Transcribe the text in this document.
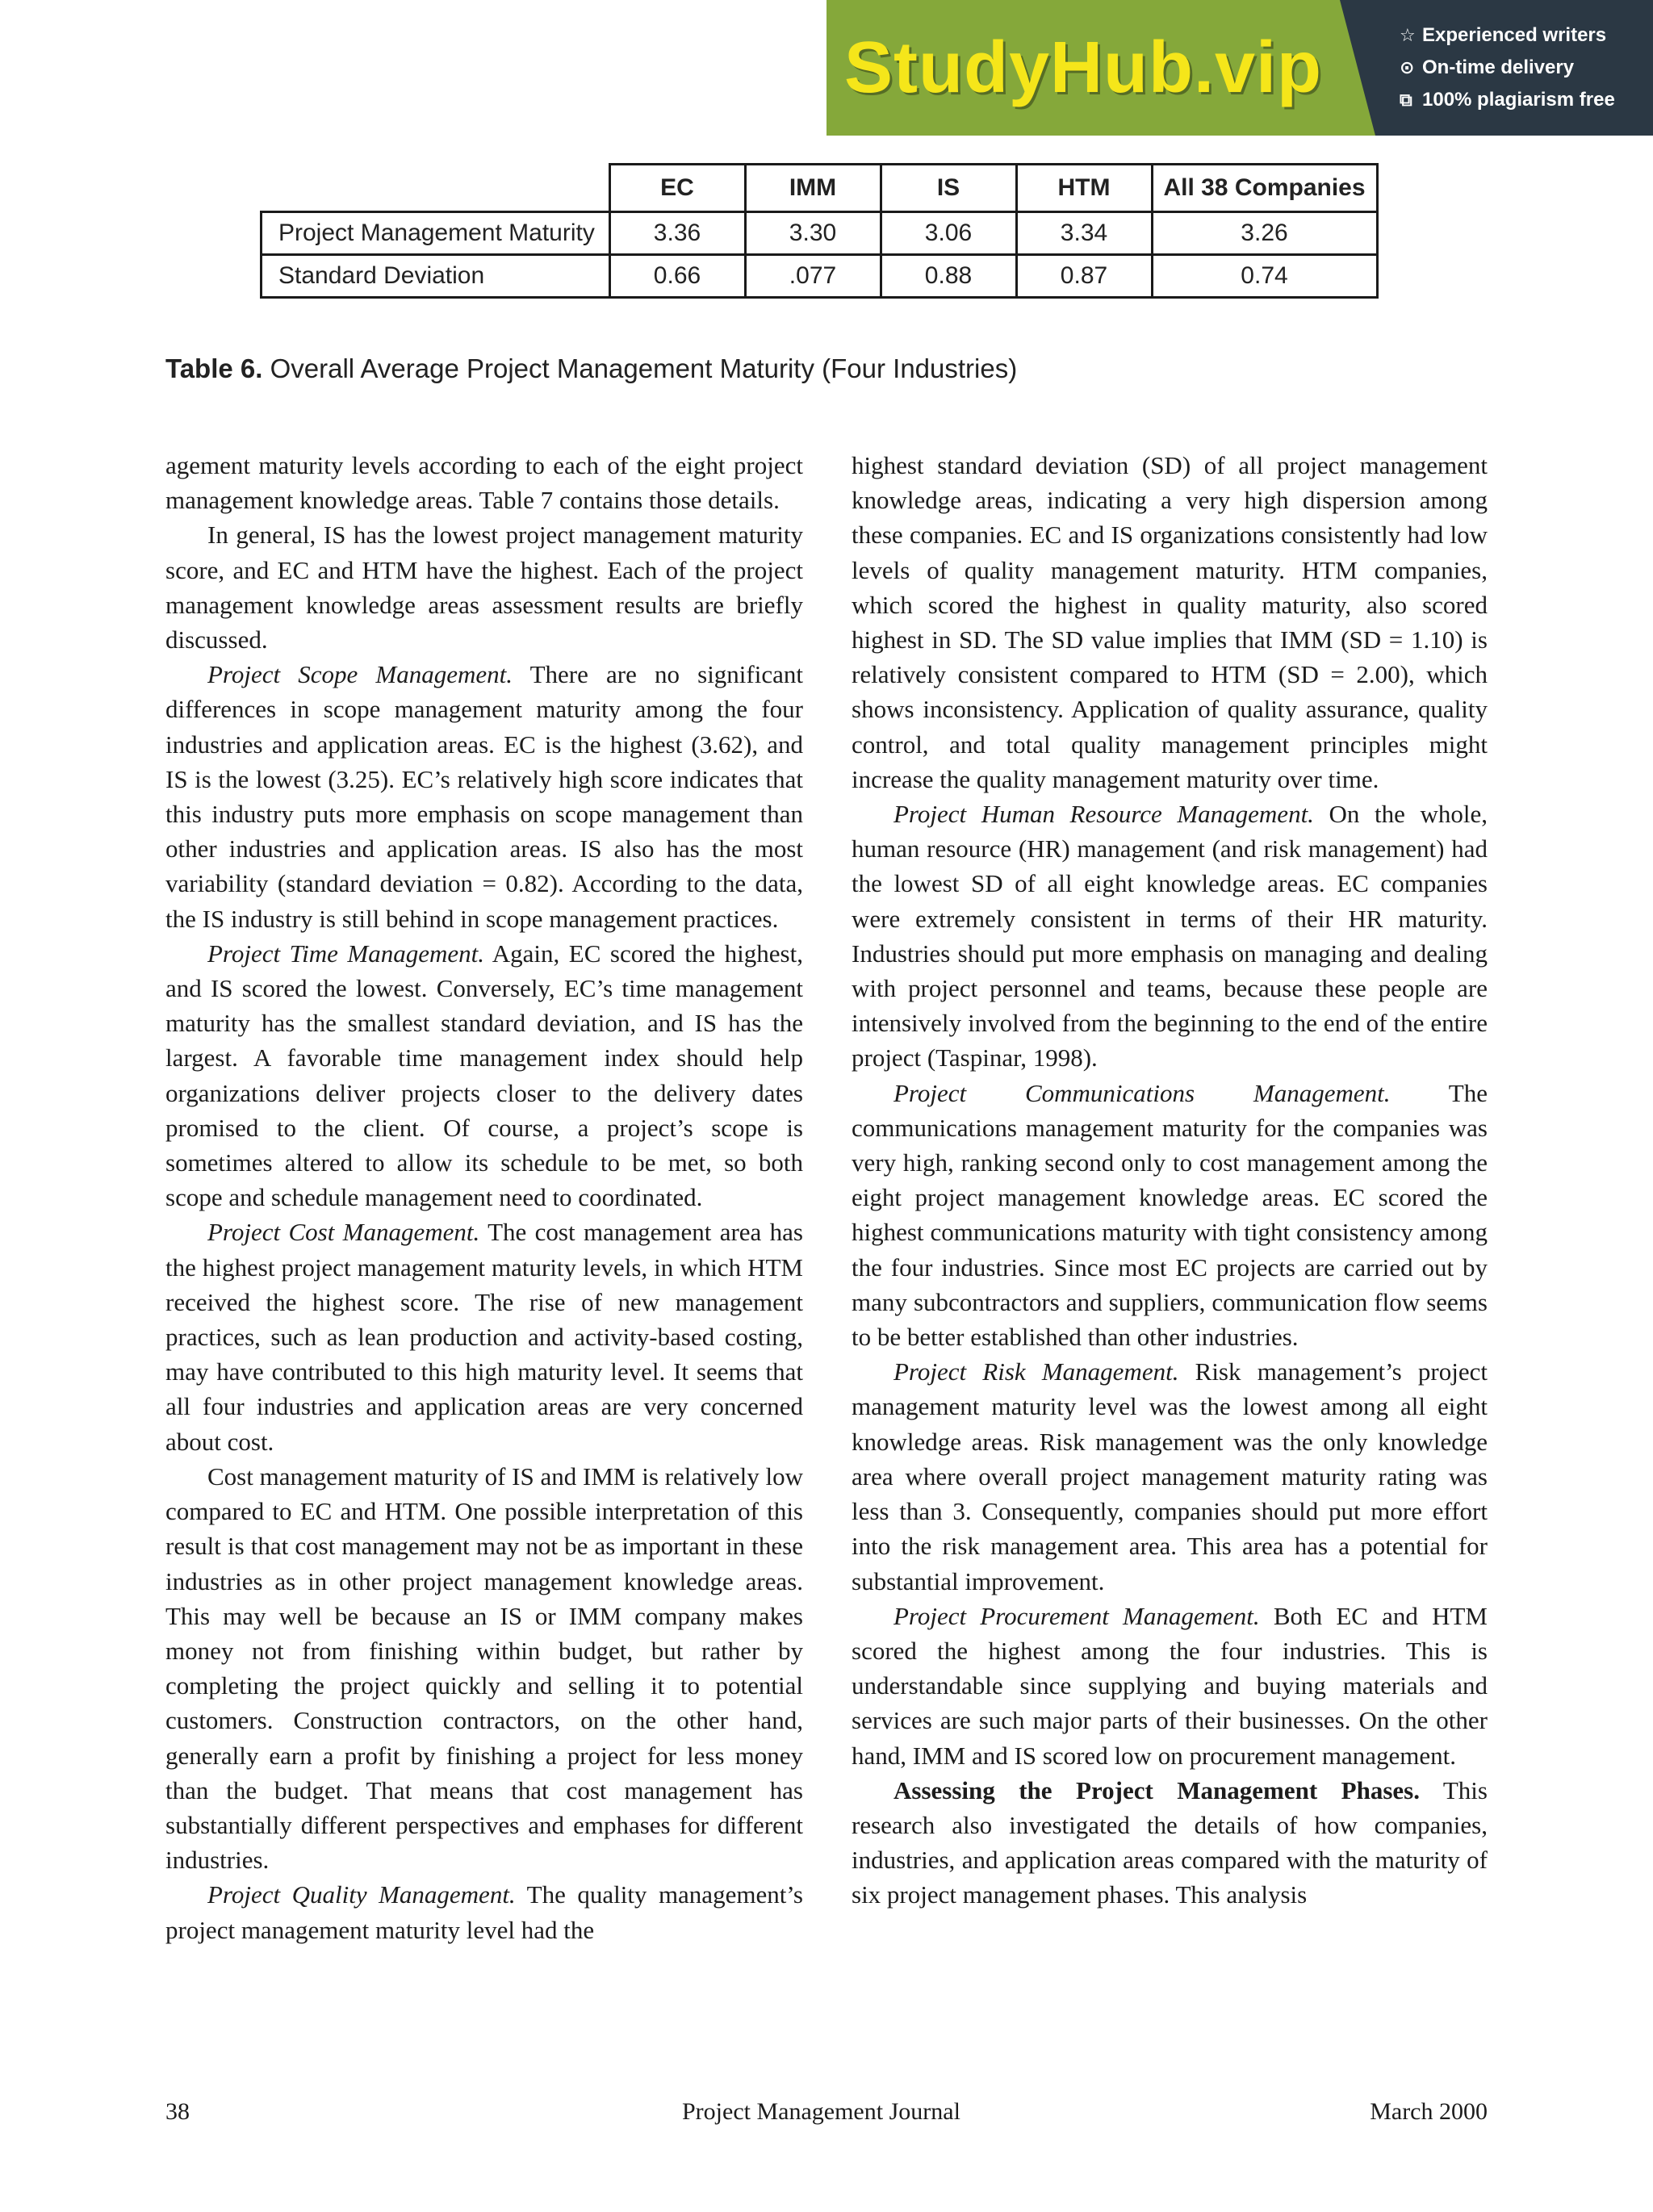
StudyHub.vip	☆ Experienced writers
⊙ On-time delivery
⧉ 100% plagiarism free
	EC	IMM	IS	HTM	All 38 Companies
Project Management Maturity	3.36	3.30	3.06	3.34	3.26
Standard Deviation	0.66	.077	0.88	0.87	0.74
Table 6. Overall Average Project Management Maturity (Four Industries)

agement maturity levels according to each of the eight project management knowledge areas. Table 7 contains those details.

In general, IS has the lowest project management maturity score, and EC and HTM have the highest. Each of the project management knowledge areas assessment results are briefly discussed.

Project Scope Management. There are no significant differences in scope management maturity among the four industries and application areas. EC is the highest (3.62), and IS is the lowest (3.25). EC’s relatively high score indicates that this industry puts more emphasis on scope management than other industries and application areas. IS also has the most variability (standard deviation = 0.82). According to the data, the IS industry is still behind in scope management practices.

Project Time Management. Again, EC scored the highest, and IS scored the lowest. Conversely, EC’s time management maturity has the smallest standard deviation, and IS has the largest. A favorable time management index should help organizations deliver projects closer to the delivery dates promised to the client. Of course, a project’s scope is sometimes altered to allow its schedule to be met, so both scope and schedule management need to coordinated.

Project Cost Management. The cost management area has the highest project management maturity levels, in which HTM received the highest score. The rise of new management practices, such as lean production and activity-based costing, may have contributed to this high maturity level. It seems that all four industries and application areas are very concerned about cost.

Cost management maturity of IS and IMM is relatively low compared to EC and HTM. One possible interpretation of this result is that cost management may not be as important in these industries as in other project management knowledge areas. This may well be because an IS or IMM company makes money not from finishing within budget, but rather by completing the project quickly and selling it to potential customers. Construction contractors, on the other hand, generally earn a profit by finishing a project for less money than the budget. That means that cost management has substantially different perspectives and emphases for different industries.

Project Quality Management. The quality management’s project management maturity level had the

highest standard deviation (SD) of all project management knowledge areas, indicating a very high dispersion among these companies. EC and IS organizations consistently had low levels of quality management maturity. HTM companies, which scored the highest in quality maturity, also scored highest in SD. The SD value implies that IMM (SD = 1.10) is relatively consistent compared to HTM (SD = 2.00), which shows inconsistency. Application of quality assurance, quality control, and total quality management principles might increase the quality management maturity over time.

Project Human Resource Management. On the whole, human resource (HR) management (and risk management) had the lowest SD of all eight knowledge areas. EC companies were extremely consistent in terms of their HR maturity. Industries should put more emphasis on managing and dealing with project personnel and teams, because these people are intensively involved from the beginning to the end of the entire project (Taspinar, 1998).

Project Communications Management. The communications management maturity for the companies was very high, ranking second only to cost management among the eight project management knowledge areas. EC scored the highest communications maturity with tight consistency among the four industries. Since most EC projects are carried out by many subcontractors and suppliers, communication flow seems to be better established than other industries.

Project Risk Management. Risk management’s project management maturity level was the lowest among all eight knowledge areas. Risk management was the only knowledge area where overall project management maturity rating was less than 3. Consequently, companies should put more effort into the risk management area. This area has a potential for substantial improvement.

Project Procurement Management. Both EC and HTM scored the highest among the four industries. This is understandable since supplying and buying materials and services are such major parts of their businesses. On the other hand, IMM and IS scored low on procurement management.

Assessing the Project Management Phases. This research also investigated the details of how companies, industries, and application areas compared with the maturity of six project management phases. This analysis

38	Project Management Journal	March 2000
